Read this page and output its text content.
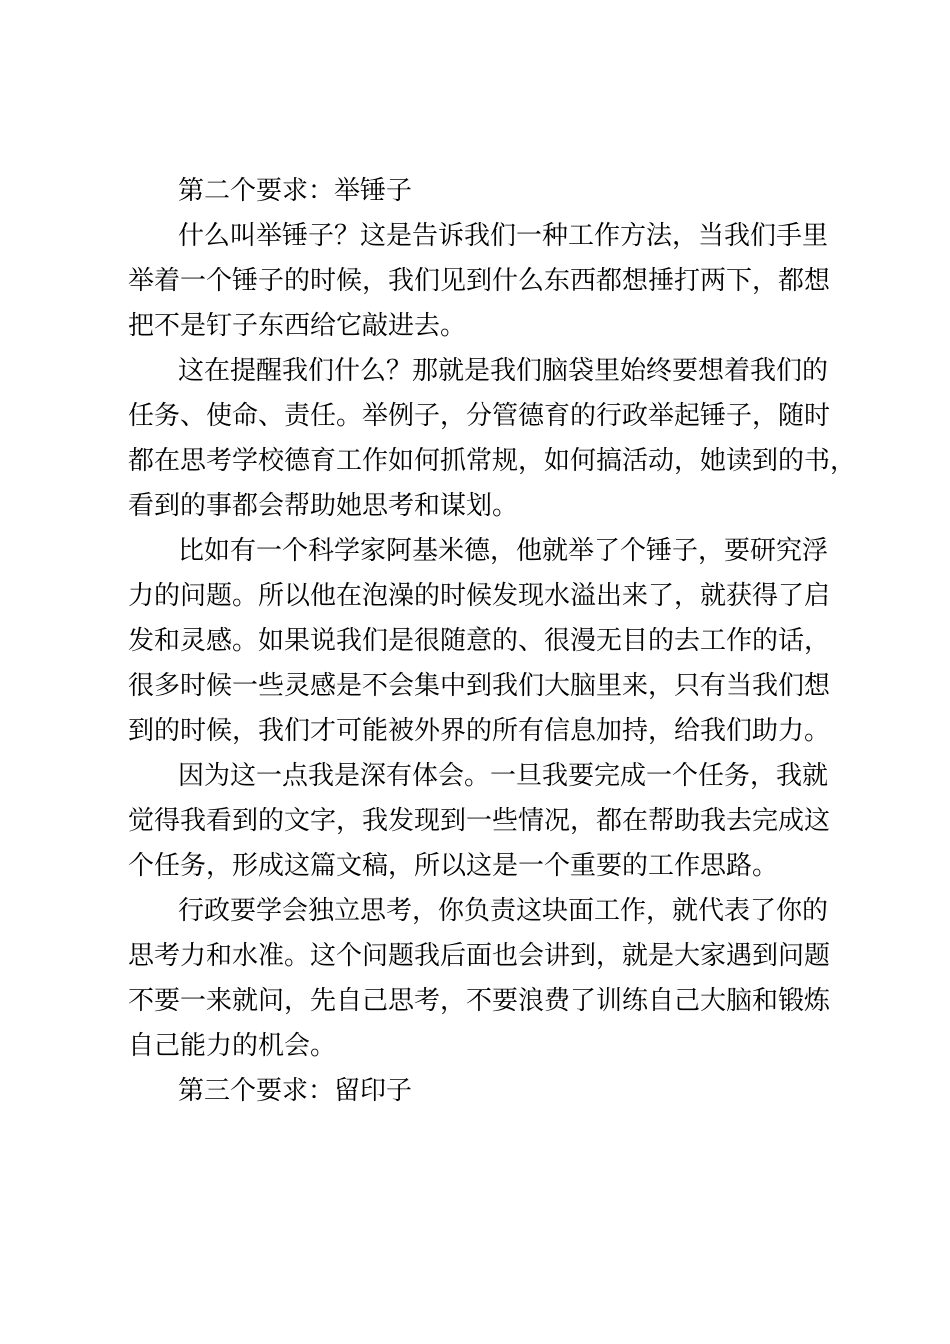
第二个要求：举锤子
什么叫举锤子？这是告诉我们一种工作方法，当我们手里
举着一个锤子的时候，我们见到什么东西都想捶打两下，都想
把不是钉子东西给它敲进去。
这在提醒我们什么？那就是我们脑袋里始终要想着我们的
任务、使命、责任。举例子，分管德育的行政举起锤子，随时
都在思考学校德育工作如何抓常规，如何搞活动，她读到的书，
看到的事都会帮助她思考和谋划。
比如有一个科学家阿基米德，他就举了个锤子，要研究浮
力的问题。所以他在泡澡的时候发现水溢出来了，就获得了启
发和灵感。如果说我们是很随意的、很漫无目的去工作的话，
很多时候一些灵感是不会集中到我们大脑里来，只有当我们想
到的时候，我们才可能被外界的所有信息加持，给我们助力。
因为这一点我是深有体会。一旦我要完成一个任务，我就
觉得我看到的文字，我发现到一些情况，都在帮助我去完成这
个任务，形成这篇文稿，所以这是一个重要的工作思路。
行政要学会独立思考，你负责这块面工作，就代表了你的
思考力和水准。这个问题我后面也会讲到，就是大家遇到问题
不要一来就问，先自己思考，不要浪费了训练自己大脑和锻炼
自己能力的机会。
第三个要求：留印子
